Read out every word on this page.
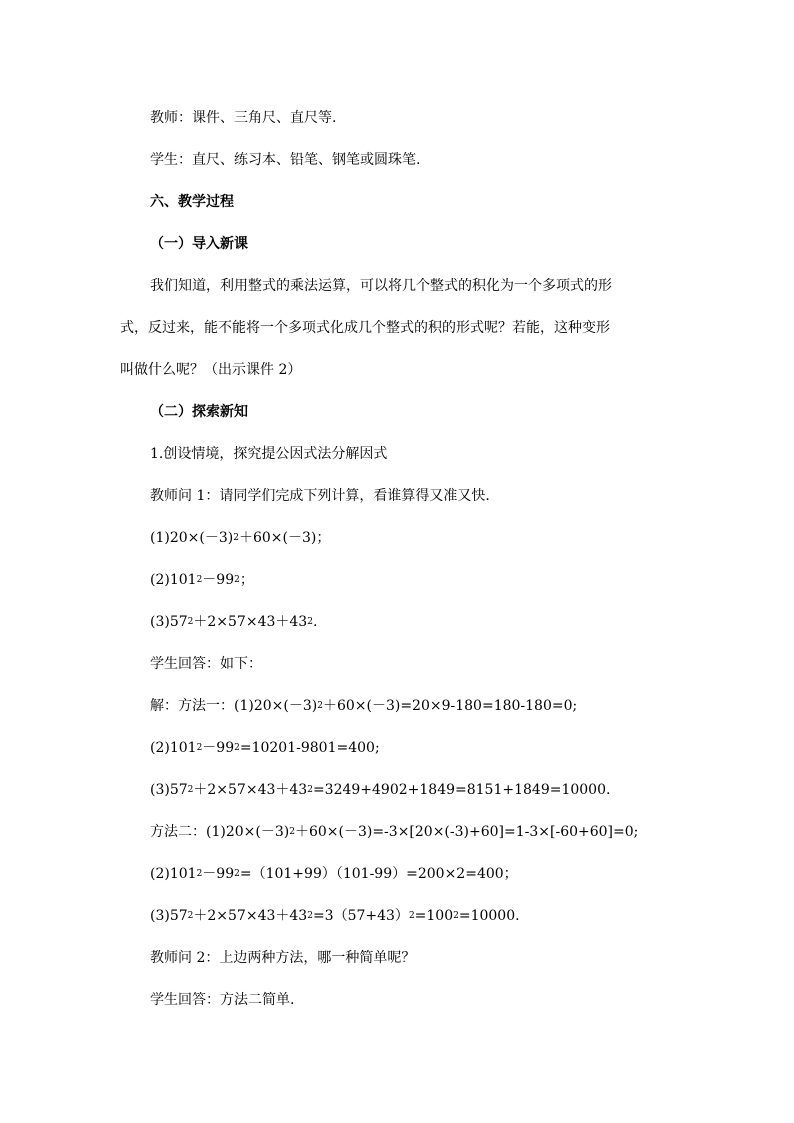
教师：课件、三角尺、直尺等.
学生：直尺、练习本、铅笔、钢笔或圆珠笔.
六、教学过程
（一）导入新课
我们知道，利用整式的乘法运算，可以将几个整式的积化为一个多项式的形
式，反过来，能不能将一个多项式化成几个整式的积的形式呢？若能，这种变形
叫做什么呢？（出示课件 2）
（二）探索新知
1.创设情境，探究提公因式法分解因式
教师问 1：请同学们完成下列计算，看谁算得又准又快.
$(1)20\times(-3)^2+60\times(-3)$；
$(2)101^2-99^2$；
$(3)57^2+2\times 57\times 43+43^2$.
学生回答：如下：
解：方法一：$(1)20\times(-3)^2+60\times(-3)=20\times 9-180=180-180=0$;
$(2)101^2-99^2=10201-9801=400$;
$(3)57^2+2\times 57\times 43+43^2=3249+4902+1849=8151+1849=10000$.
方法二：$(1)20\times(-3)^2+60\times(-3)=-3\times[20\times(-3)+60]=1-3\times[-60+60]=0$;
$(2)101^2-99^2=(101+99)(101-99)=200\times 2=400$；
$(3)57^2+2\times 57\times 43+43^2=3(57+43)^2=100^2=10000$.
教师问 2：上边两种方法，哪一种简单呢？
学生回答：方法二简单.
